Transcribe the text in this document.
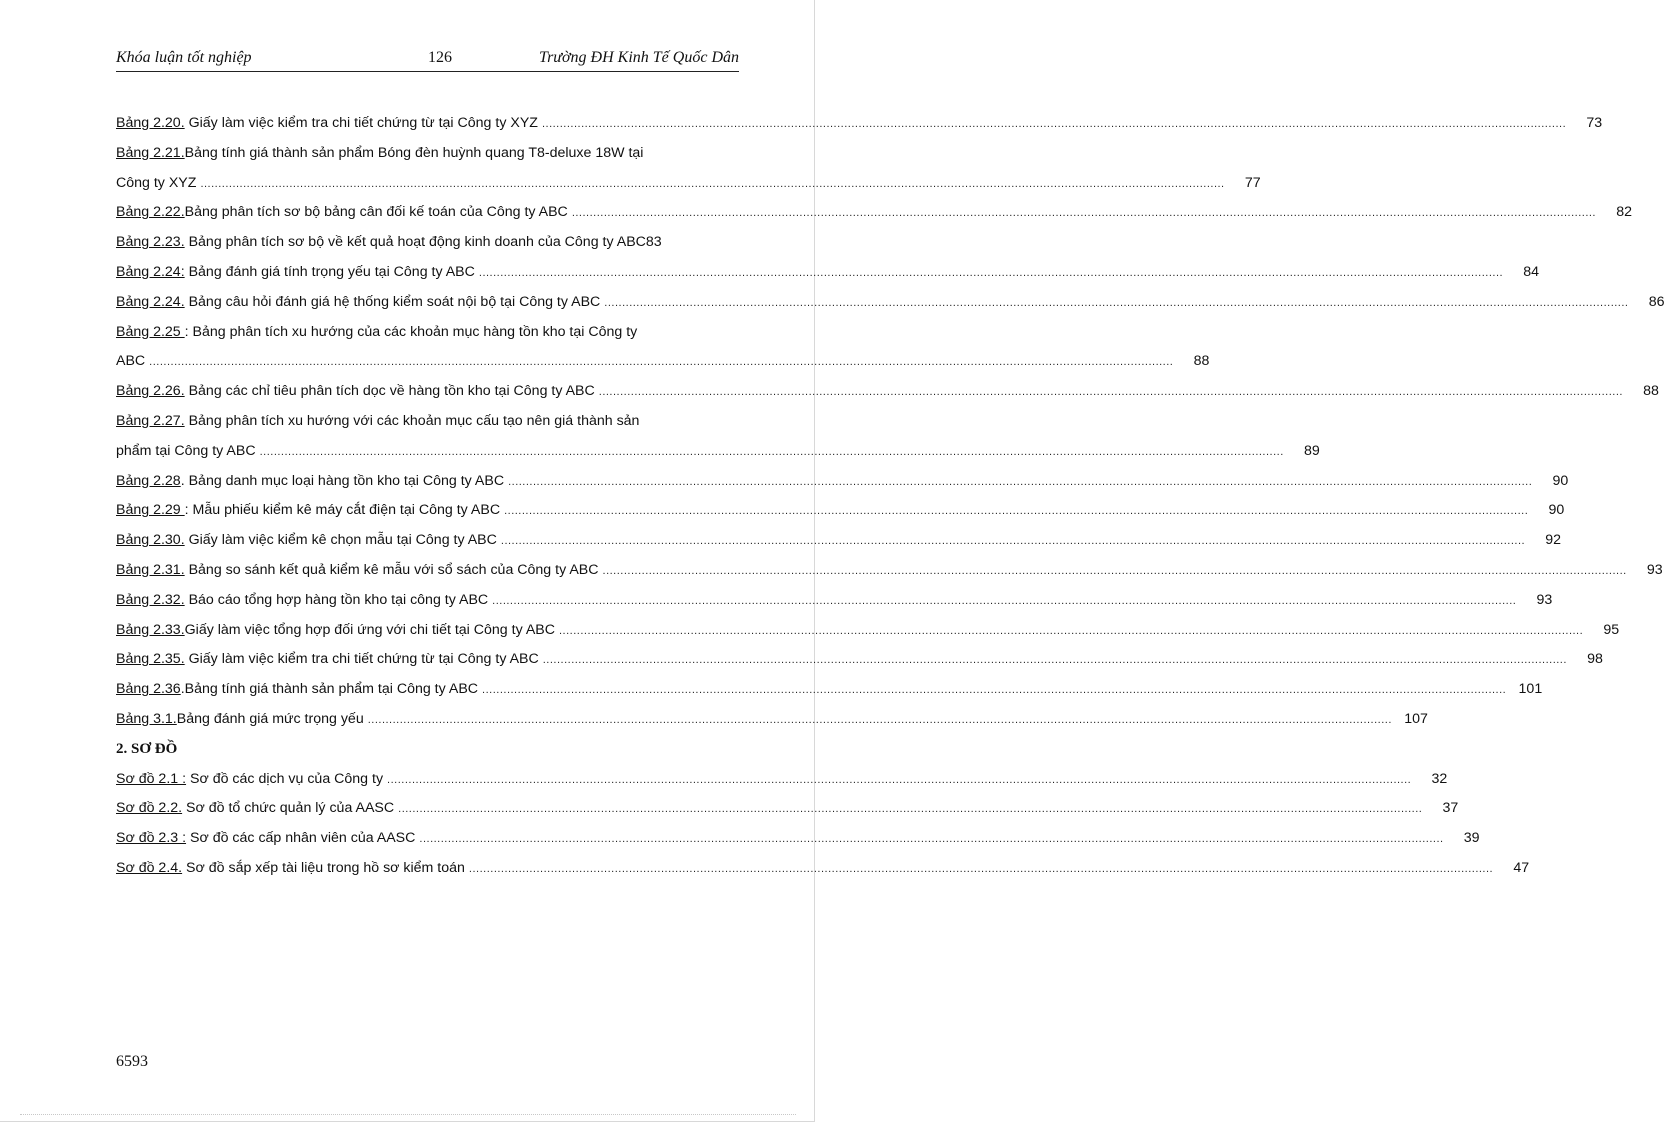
Khóa luận tốt nghiệp	126	Trường ĐH Kinh Tế Quốc Dân
Bảng 2.20. Giấy làm việc kiểm tra chi tiết chứng từ tại Công ty XYZ .....	73
Bảng 2.21.Bảng tính giá thành sản phẩm Bóng đèn huỳnh quang T8-deluxe 18W tại
Công ty XYZ .....	77
Bảng 2.22.Bảng phân tích sơ bộ bảng cân đối kế toán của Công ty ABC .....	82
Bảng 2.23. Bảng phân tích sơ bộ về kết quả hoạt động kinh doanh của Công ty ABC 83
Bảng 2.24: Bảng đánh giá tính trọng yếu tại Công ty ABC .....	84
Bảng 2.24. Bảng câu hỏi đánh giá hệ thống kiểm soát nội bộ tại Công ty ABC .....	86
Bảng 2.25 : Bảng phân tích xu hướng của các khoản mục hàng tồn kho tại Công ty
ABC .....	88
Bảng 2.26. Bảng các chỉ tiêu phân tích dọc về hàng tồn kho tại Công ty ABC .....	88
Bảng 2.27. Bảng phân tích xu hướng với các khoản mục cấu tạo nên giá thành sản
phẩm tại Công ty ABC .....	89
Bảng 2.28. Bảng danh mục loại hàng tồn kho tại Công ty ABC .....	90
Bảng 2.29 : Mẫu phiếu kiểm kê máy cắt điện tại Công ty ABC .....	90
Bảng 2.30. Giấy làm việc kiểm kê chọn mẫu tại Công ty ABC .....	92
Bảng 2.31. Bảng so sánh kết quả kiểm kê mẫu với sổ sách của Công ty ABC .....	93
Bảng 2.32. Báo cáo tổng hợp hàng tồn kho tại công ty ABC .....	93
Bảng 2.33.Giấy làm việc tổng hợp đối ứng với chi tiết tại Công ty ABC .....	95
Bảng 2.35. Giấy làm việc kiểm tra chi tiết chứng từ tại Công ty ABC .....	98
Bảng 2.36.Bảng tính giá thành sản phẩm tại Công ty ABC .....	101
Bảng 3.1.Bảng đánh giá mức trọng yếu .....	107
2. SƠ ĐỒ
Sơ đồ 2.1 : Sơ đồ các dịch vụ của Công ty .....	32
Sơ đồ 2.2. Sơ đồ tổ chức quản lý của AASC .....	37
Sơ đồ 2.3 : Sơ đồ các cấp nhân viên của AASC .....	39
Sơ đồ 2.4. Sơ đồ sắp xếp tài liệu trong hồ sơ kiểm toán .....	47
6593
